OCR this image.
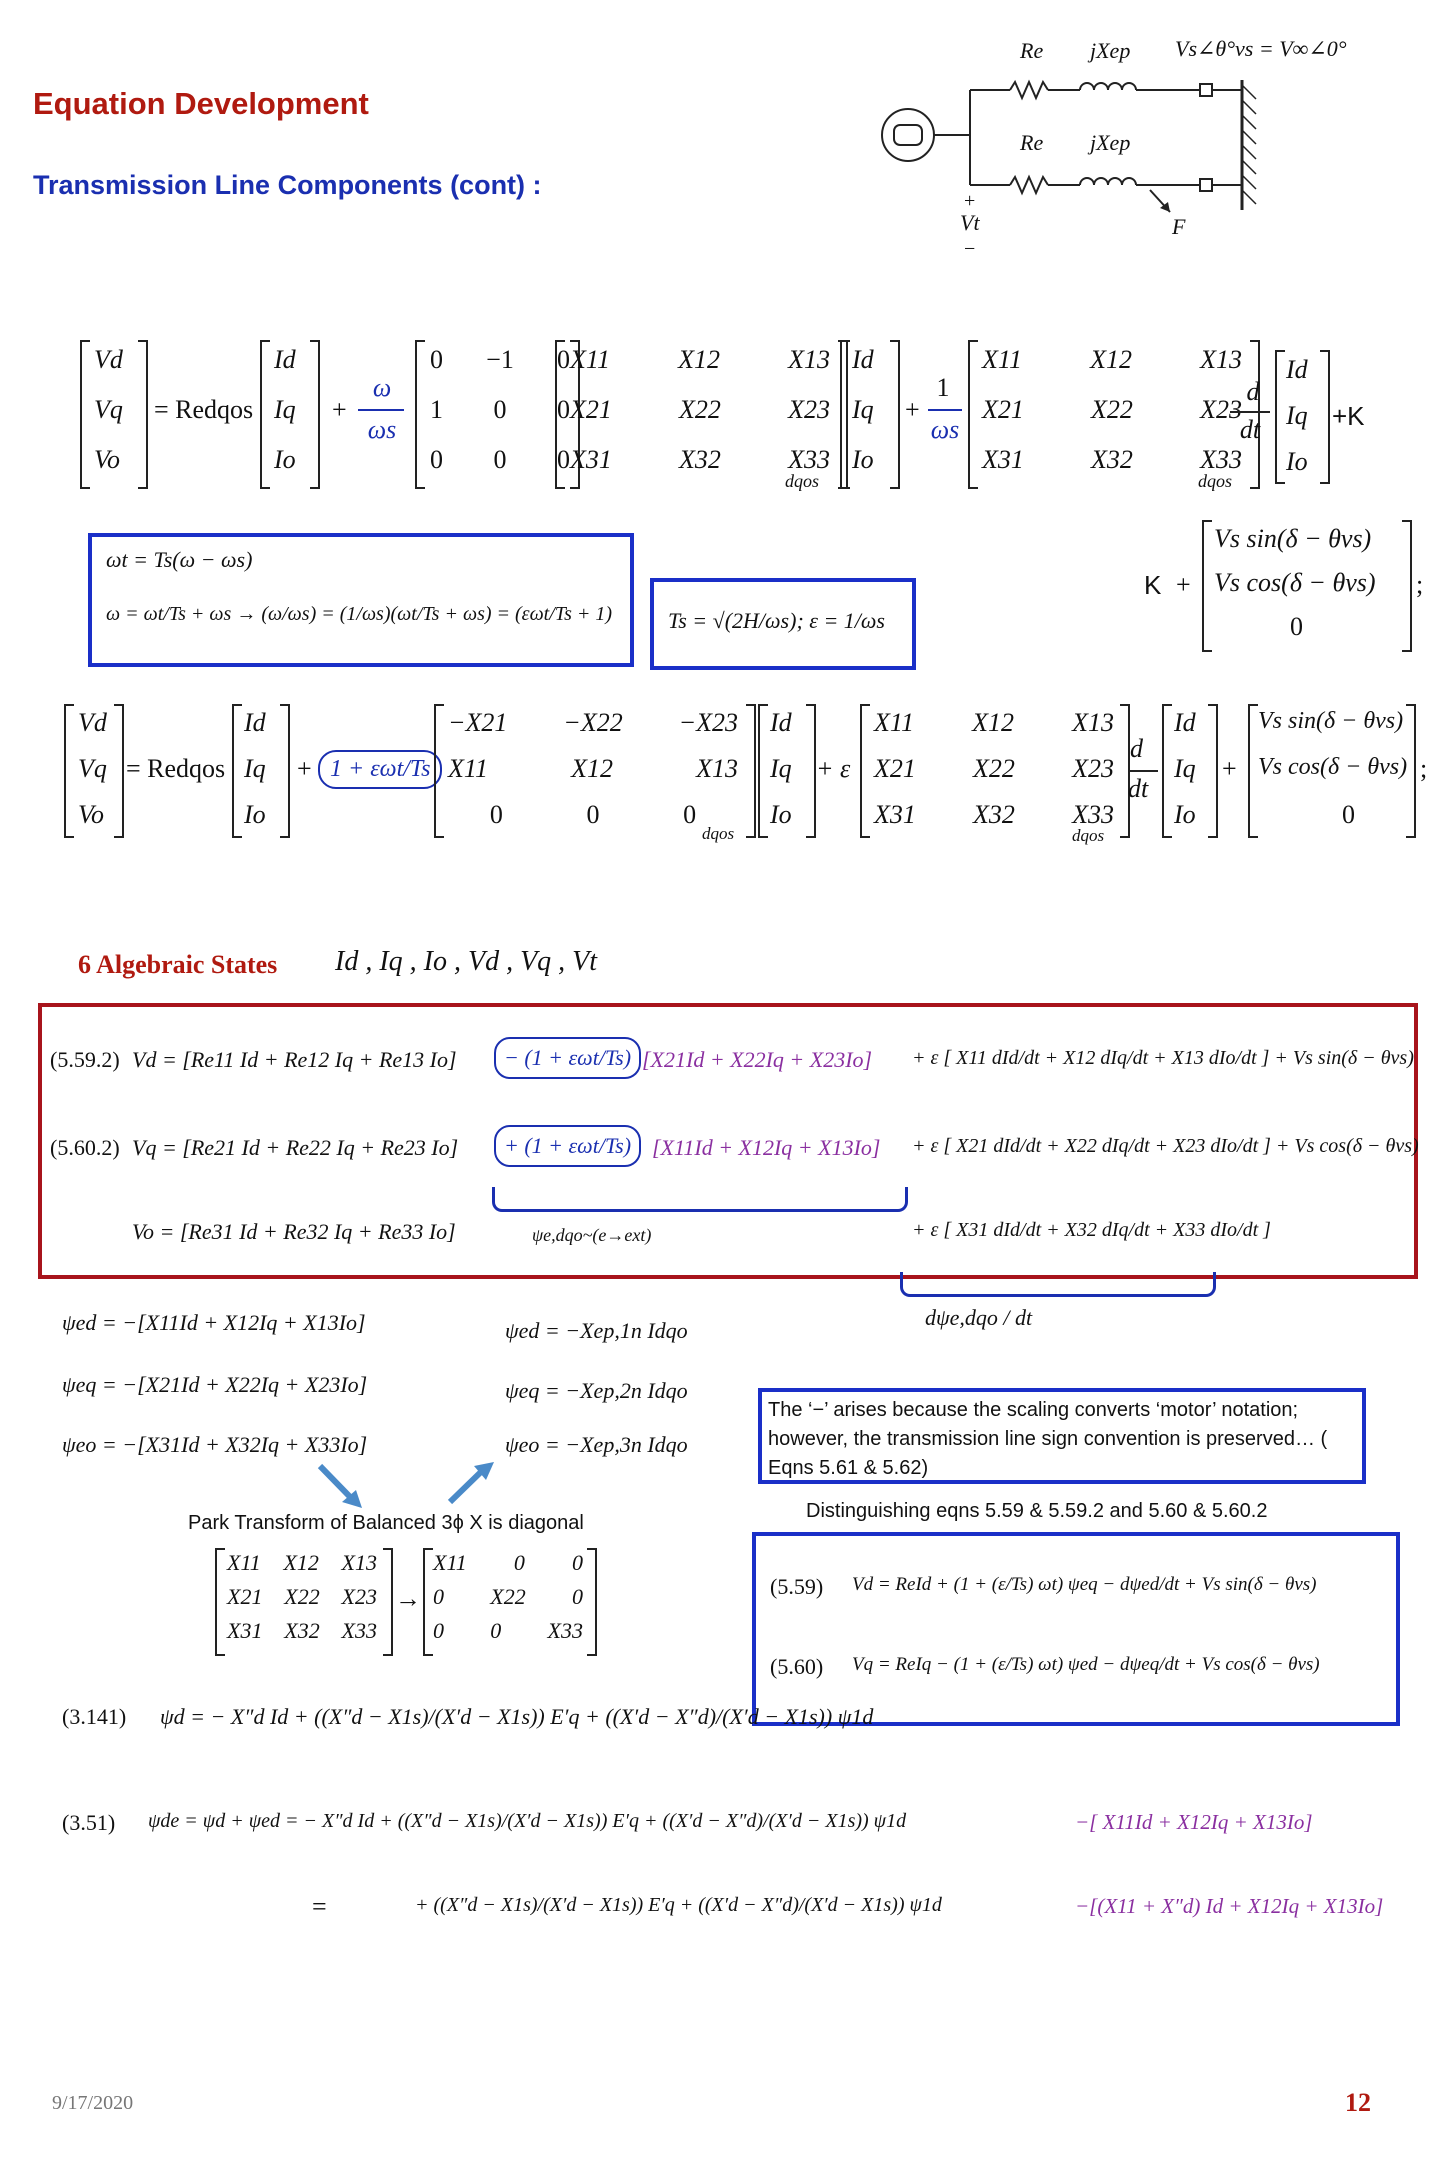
Equation Development
Transmission Line Components (cont) :
Re jXep Vs∠θ°vs = V∞∠0°
Re jXep
+
Vt
−
F
Vd
Vq
Vo
= Redqos
Id
Iq
Io
+
ω
ωs
0 −1 0
1 0 0
0 0 0
X11	X12	X13
X21	X22	X23
X31	X32	X33
dqos
Id
Iq
Io
+
1
ωs
X11	X12	X13
X21	X22	X23
X31	X32	X33
dqos
d
dt
Id
Iq
Io
+K
ωt = Ts(ω − ωs)
ω = ωt/Ts + ωs → (ω/ωs) = (1/ωs)(ωt/Ts + ωs) = (εωt/Ts + 1)	Ts = √(2H/ωs); ε = 1/ωs
K +
Vs sin(δ − θvs)
Vs cos(δ − θvs)
0
;
Vd
Vq
Vo
= Redqos
Id
Iq
Io
+ 1 + εωt/Ts
−X21 −X22 −X23
X11	X12	X13
0	0	0
dqos
Id
Iq
Io
+ ε
X11 X12 X13
X21 X22 X23
X31 X32 X33
dqos
d
dt
Id
Iq
Io
+
Vs sin(δ − θvs)
Vs cos(δ − θvs)
0
;
6 Algebraic States Id , Iq , Io , Vd , Vq , Vt
(5.59.2) Vd = [Re11 Id + Re12 Iq + Re13 Io]	− (1 + εωt/Ts) [X21Id + X22Iq + X23Io] + ε [ X11 dId/dt + X12 dIq/dt + X13 dIo/dt ] + Vs sin(δ − θvs)
(5.60.2) Vq = [Re21 Id + Re22 Iq + Re23 Io]	+ (1 + εωt/Ts) [X11Id + X12Iq + X13Io] + ε [ X21 dId/dt + X22 dIq/dt + X23 dIo/dt ] + Vs cos(δ − θvs)
Vo = [Re31 Id + Re32 Iq + Re33 Io]	ψe,dqo~(e→ext)	+ ε [ X31 dId/dt + X32 dIq/dt + X33 dIo/dt ]
dψe,dqo / dt
ψed = −[X11Id + X12Iq + X13Io]
ψeq = −[X21Id + X22Iq + X23Io]
ψeo = −[X31Id + X32Iq + X33Io]
ψed = −Xep,1n Idqo
ψeq = −Xep,2n Idqo
ψeo = −Xep,3n Idqo
The ‘−’ arises because the scaling converts ‘motor’ notation; however, the transmission line sign convention is preserved… ( Eqns 5.61 & 5.62)
Park Transform of Balanced 3ϕ X is diagonal
X11 X12 X13
X21 X22 X23
X31 X32 X33
→
X11 0 0
0 X22 0
0 0 X33
Distinguishing eqns 5.59 & 5.59.2 and 5.60 & 5.60.2
(5.59) Vd = ReId + (1 + (ε/Ts) ωt) ψeq − dψed/dt + Vs sin(δ − θvs)
(5.60) Vq = ReIq − (1 + (ε/Ts) ωt) ψed − dψeq/dt + Vs cos(δ − θvs)
(3.141) ψd = − X″d Id + ((X″d − X1s)/(X′d − X1s)) E′q + ((X′d − X″d)/(X′d − X1s)) ψ1d
(3.51) ψde = ψd + ψed = − X″d Id + ((X″d − X1s)/(X′d − X1s)) E′q + ((X′d − X″d)/(X′d − X1s)) ψ1d	−[ X11Id + X12Iq + X13Io]
=	+ ((X″d − X1s)/(X′d − X1s)) E′q + ((X′d − X″d)/(X′d − X1s)) ψ1d	−[(X11 + X″d) Id + X12Iq + X13Io]
9/17/2020	12
